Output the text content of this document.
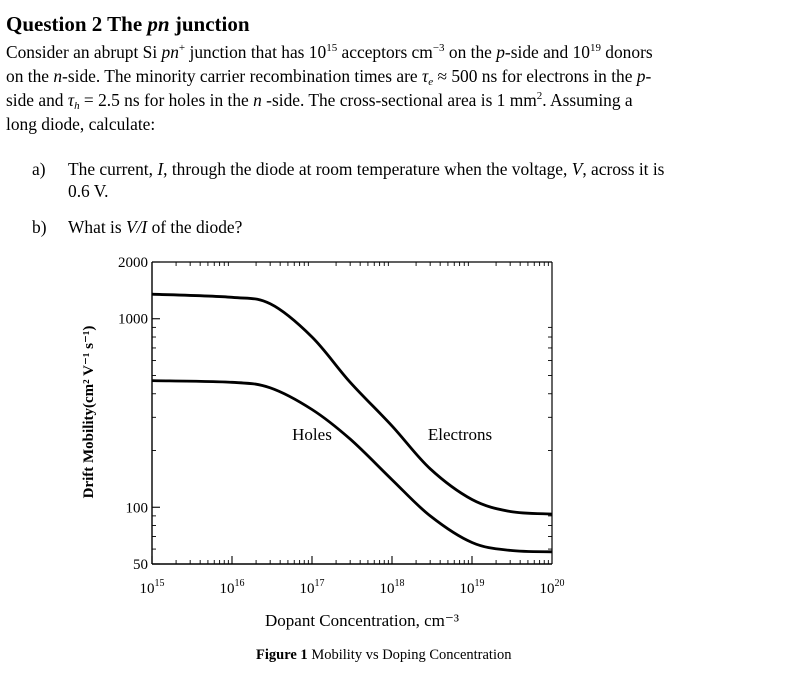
Question 2 The pn junction
Consider an abrupt Si pn+ junction that has $10^{15}$ acceptors $cm^{-3}$ on the p-side and $10^{19}$ donors
on the n-side. The minority carrier recombination times are $\tau_e \approx 500$ ns for electrons in the p-
side and $\tau_h = 2.5$ ns for holes in the n -side. The cross-sectional area is 1 $mm^2$. Assuming a
long diode, calculate:
a) The current, I, through the diode at room temperature when the voltage, V, across it is
0.6 V.
b) What is V/I of the diode?
2000
1000
100
50
$10^{15}$	$10^{16}$	$10^{17}$	$10^{18}$	$10^{19}$	$10^{20}$
Holes	Electrons
Dopant Concentration, cm⁻³
Drift Mobility(cm² V⁻¹ s⁻¹)
Figure 1 Mobility vs Doping Concentration
